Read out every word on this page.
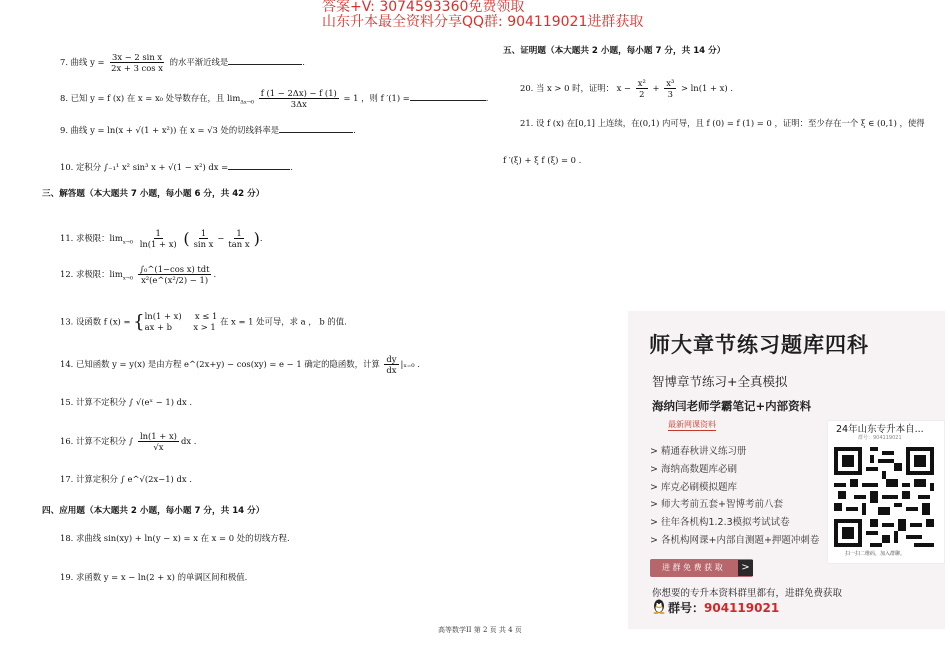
答案+V: 3074593360免费领取
山东升本最全资料分享QQ群: 904119021进群获取
7. 曲线 $y = \frac{\text{3x − 2 sin x}}{\text{2x + 3 cos x}}$ 的水平渐近线是	.
8. 已知 y = f (x) 在 x = x₀ 处导数存在，且 $\lim_{\Delta x\to 0} \frac{f (1 - 2\Delta x) - f (1)}{3\Delta x} = 1$ ，则 f ′(1) =	.
9. 曲线 y = ln(x + √(1 + x²)) 在 x = √3 处的切线斜率是	.
10. 定积分 ∫₋₁¹ x² sin³ x + √(1 − x²) dx =	.
三、解答题（本大题共 7 小题，每小题 6 分，共 42 分）
11. 求极限：$\lim_{x\to 0} \frac{1}{\ln(1 + x)}$ ( $\frac{1}{\text{sin x}} - \frac{1}{\text{tan x}}$ ).
12. 求极限：$\lim_{x\to 0} \frac{\text{∫₀\textasciicircum{}(1−cos x) tdt}}{\text{x²(e\textasciicircum{}(x²/2) − 1)}}$ .
13. 设函数 f (x) = { ln(1 + x)     x ≤ 1
ax + b        x > 1
在 x = 1 处可导，求 a ， b 的值.
14. 已知函数 y = y(x) 是由方程 e^(2x+y) − cos(xy) = e − 1 确定的隐函数，计算 $\frac{dy}{dx} |_{x=0}$ .
15. 计算不定积分 ∫ √(eˣ − 1) dx .
16. 计算不定积分 ∫ $\frac{\ln(1 + x)}{√x}$ dx .
17. 计算定积分 ∫ e^√(2x−1) dx .
四、应用题（本大题共 2 小题，每小题 7 分，共 14 分）
18. 求曲线 sin(xy) + ln(y − x) = x 在 x = 0 处的切线方程.
19. 求函数 y = x − ln(2 + x) 的单调区间和极值.
五、证明题（本大题共 2 小题，每小题 7 分，共 14 分）
20. 当 x > 0 时，证明： $x - \frac{\text{x²}}{2} + \frac{\text{x³}}{3} > \ln(1 + x)$ .
21. 设 f (x) 在[0,1] 上连续，在(0,1) 内可导，且 f (0) = f (1) = 0 ，证明：至少存在一个 ξ ∈ (0,1) ，使得
f ′(ξ) + ξ f (ξ) = 0 .
师大章节练习题库四科
智博章节练习+全真模拟
海纳闫老师学霸笔记+内部资料
最新网课资料
> 精通春秋讲义练习册
> 海纳高数题库必刷
> 库克必刷模拟题库
> 师大考前五套+智博考前八套
> 往年各机构1.2.3模拟考试试卷
> 各机构网课+内部自测题+押题冲刺卷
24年山东专升本自...
群号：904119021
扫一扫二维码，加入群聊。
进 群 免 费 获 取	>
你想要的专升本资料群里都有，进群免费获取
群号：904119021
高等数学II 第 2 页 共 4 页
